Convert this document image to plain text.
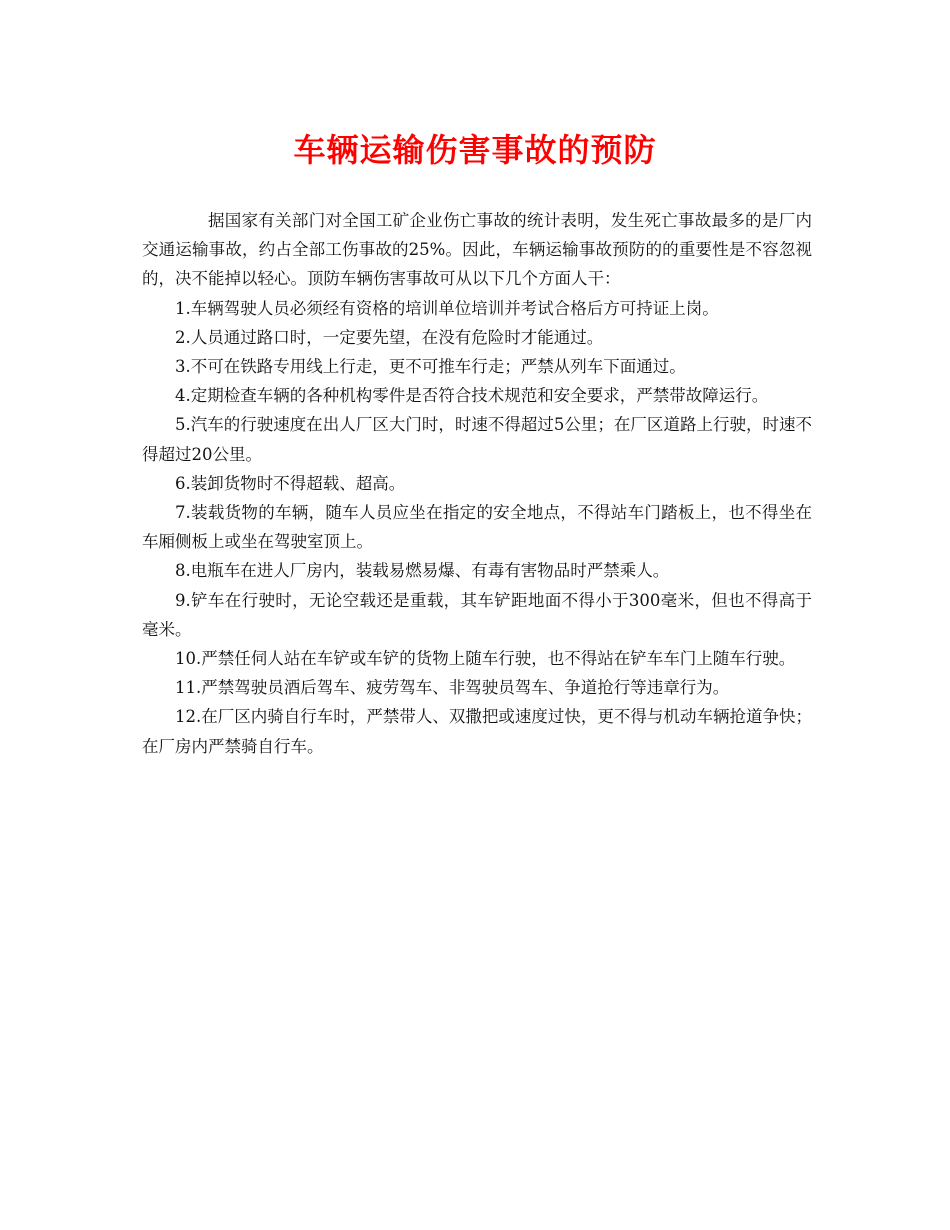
车辆运输伤害事故的预防

据国家有关部门对全国工矿企业伤亡事故的统计表明，发生死亡事故最多的是厂内交通运输事故，约占全部工伤事故的25%。因此，车辆运输事故预防的的重要性是不容忽视的，决不能掉以轻心。顶防车辆伤害事故可从以下几个方面人干：

1.车辆驾驶人员必须经有资格的培训单位培训并考试合格后方可持证上岗。

2.人员通过路口时，一定要先望，在没有危险时才能通过。

3.不可在铁路专用线上行走，更不可推车行走；严禁从列车下面通过。

4.定期检查车辆的各种机构零件是否符合技术规范和安全要求，严禁带故障运行。

5.汽车的行驶速度在出人厂区大门时，时速不得超过5公里；在厂区道路上行驶，时速不得超过20公里。

6.装卸货物时不得超载、超高。

7.装载货物的车辆，随车人员应坐在指定的安全地点，不得站车门踏板上，也不得坐在车厢侧板上或坐在驾驶室顶上。

8.电瓶车在进人厂房内，装载易燃易爆、有毒有害物品时严禁乘人。

9.铲车在行驶时，无论空载还是重载，其车铲距地面不得小于300毫米，但也不得高于毫米。

10.严禁任伺人站在车铲或车铲的货物上随车行驶，也不得站在铲车车门上随车行驶。

11.严禁驾驶员酒后驾车、疲劳驾车、非驾驶员驾车、争道抢行等违章行为。

12.在厂区内骑自行车时，严禁带人、双撒把或速度过快，更不得与机动车辆抢道争快；在厂房内严禁骑自行车。
